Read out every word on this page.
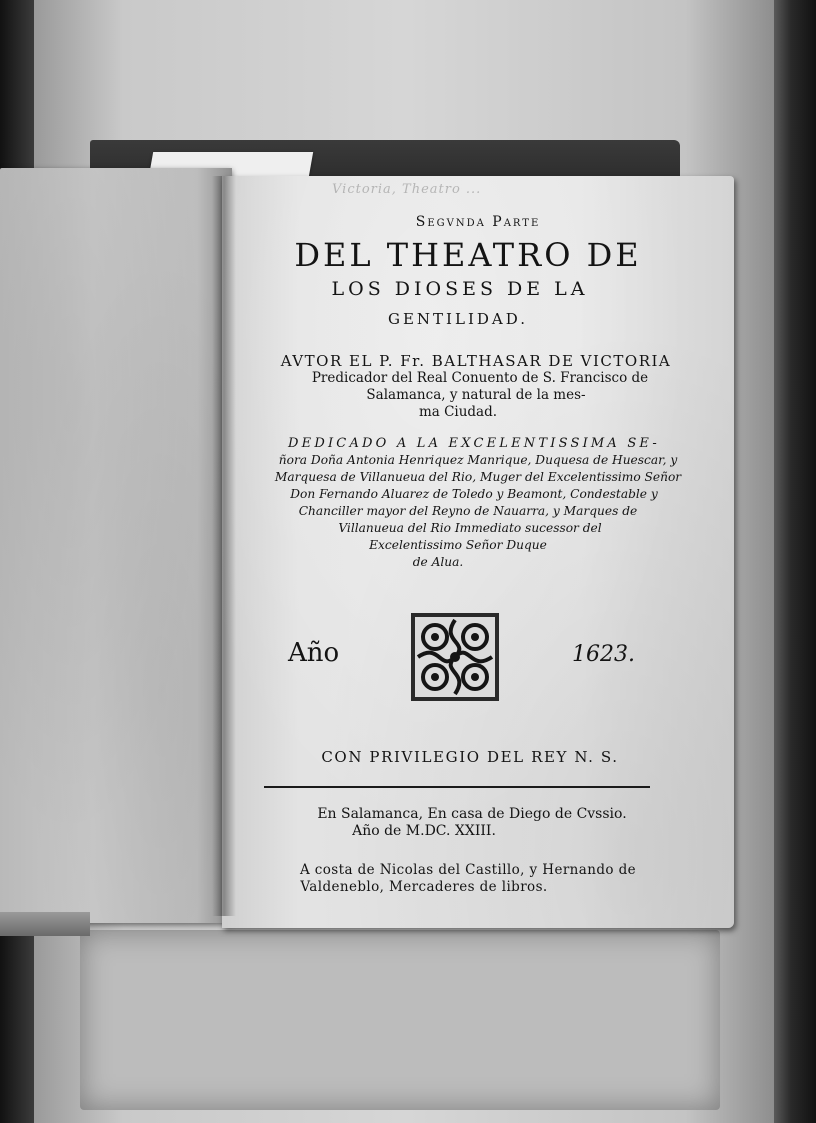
Victoria, Theatro ...
Segvnda Parte
DEL THEATRO DE
LOS DIOSES DE LA
GENTILIDAD.
AVTOR EL P. Fr. BALTHASAR DE VICTORIA
Predicador del Real Conuento de S. Francisco de
Salamanca, y natural de la mes-
ma Ciudad.
DEDICADO A LA EXCELENTISSIMA SE-
ñora Doña Antonia Henriquez Manrique, Duquesa de Huescar, y
Marquesa de Villanueua del Rio, Muger del Excelentissimo Señor
Don Fernando Aluarez de Toledo y Beamont, Condestable y
Chanciller mayor del Reyno de Nauarra, y Marques de
Villanueua del Rio Immediato sucessor del
Excelentissimo Señor Duque
de Alua.
Año	1623.
CON PRIVILEGIO DEL REY N. S.
En Salamanca, En casa de Diego de Cvssio.
Año de M.DC. XXIII.
A costa de Nicolas del Castillo, y Hernando de
Valdeneblo, Mercaderes de libros.
